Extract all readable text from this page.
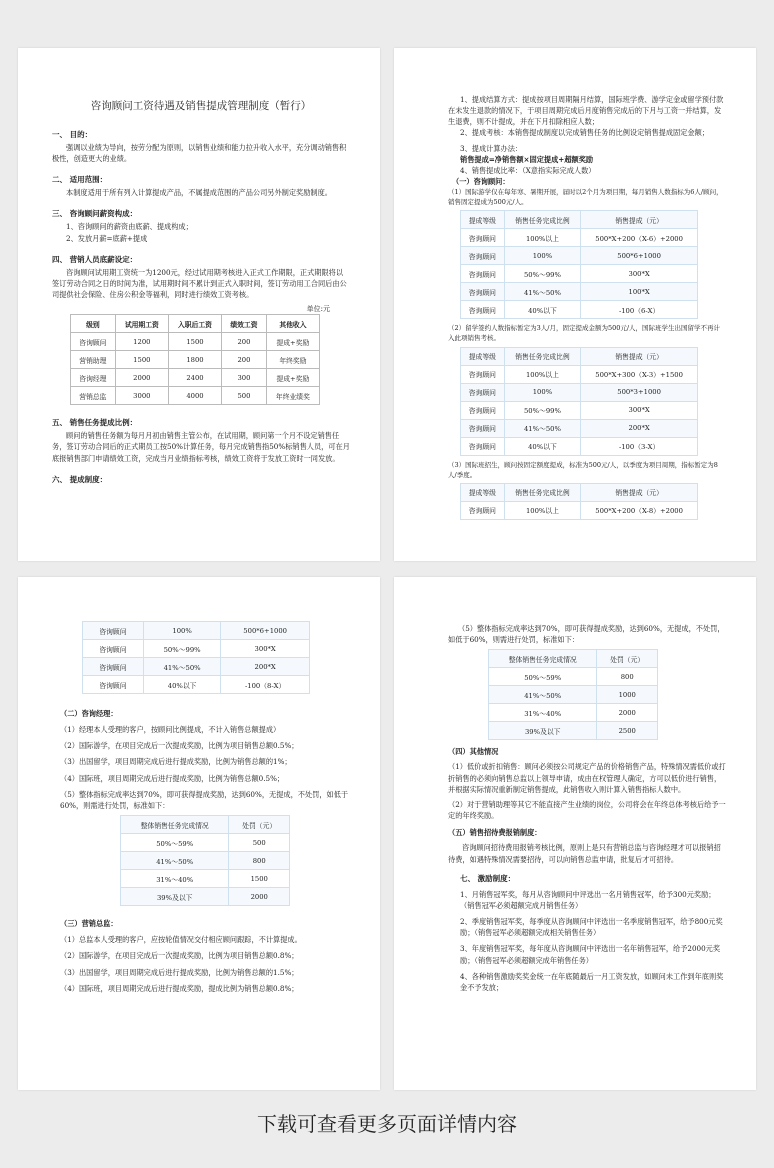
咨询顾问工资待遇及销售提成管理制度（暂行）

一、 目的：

强调以业绩为导向，按劳分配为原则，以销售业绩和能力拉升收入水平，充分调动销售积极性，创造更大的业绩。

二、 适用范围：

本制度适用于所有列入计算提成产品，不属提成范围的产品公司另外制定奖励制度。

三、 咨询顾问薪资构成：

1、咨询顾问的薪资由底薪、提成构成；

2、发放月薪=底薪+提成

四、 营销人员底薪设定：

咨询顾问试用期工资统一为1200元，经过试用期考核进入正式工作期限，正式期限将以签订劳动合同之日的时间为准，试用期时间不累计到正式入职时间，签订劳动用工合同后由公司提供社会保险、住房公积金等福利，同时进行绩效工资考核。

单位:元

级别	试用期工资	入职后工资	绩效工资	其他收入
咨询顾问	1200	1500	200	提成+奖励
营销助理	1500	1800	200	年终奖励
咨询经理	2000	2400	300	提成+奖励
营销总监	3000	4000	500	年终业绩奖

五、 销售任务提成比例：

顾问的销售任务额为每月月初由销售主管公布，在试用期，顾问第一个月不设定销售任务，签订劳动合同后的正式期员工按50%计算任务，每月完成销售指50%标销售人员，可在月底报销售部门申请绩效工资，完成当月业绩指标考核，绩效工资将于发放工资时一同发放。

六、 提成制度：

1、提成结算方式：提成按项目周期隔月结算，国际班学费、游学定金或留学预付款在未发生退款的情况下，于项目周期完成后月度销售完成后的下月与工资一并结算，发生退费，则不计提成，并在下月扣除相应人数；

2、提成考核：本销售提成制度以完成销售任务的比例设定销售提成固定金额；

3、提成计算办法：

销售提成=净销售额×固定提成+超额奖励

4、销售提成比率：（X意指实际完成人数）

（一）咨询顾问：

（1）国际游学仅在每年寒、暑期开展，届时以2个月为项目期，每月销售人数指标为6人/顾问，销售固定提成为500元/人。

提成等级	销售任务完成比例	销售提成（元）
咨询顾问	100%以上	500*X+200（X-6）+2000
咨询顾问	100%	500*6+1000
咨询顾问	50%～99%	300*X
咨询顾问	41%～50%	100*X
咨询顾问	40%以下	-100（6-X）

（2）留学签约人数指标暂定为3人/月，固定提成金额为500元/人，国际班学生出国留学不再计入此项销售考核。

提成等级	销售任务完成比例	销售提成（元）
咨询顾问	100%以上	500*X+300（X-3）+1500
咨询顾问	100%	500*3+1000
咨询顾问	50%～99%	300*X
咨询顾问	41%～50%	200*X
咨询顾问	40%以下	-100（3-X）

（3）国际班招生，顾问按固定额度提成，标准为500元/人，以季度为项目周期，指标暂定为8人/季度。

提成等级	销售任务完成比例	销售提成（元）
咨询顾问	100%以上	500*X+200（X-8）+2000
咨询顾问	100%	500*6+1000
咨询顾问	50%～99%	300*X
咨询顾问	41%～50%	200*X
咨询顾问	40%以下	-100（8-X）

（二）咨询经理：

（1）经理本人受理的客户，按顾问比例提成，不计入销售总额提成）

（2）国际游学，在项目完成后一次提成奖励，比例为项目销售总额0.5%；

（3）出国留学，项目周期完成后进行提成奖励，比例为销售总额的1%；

（4）国际班，项目周期完成后进行提成奖励，比例为销售总额0.5%；

（5）整体指标完成率达到70%，即可获得提成奖励，达到60%，无提成，不处罚，如低于60%，则需进行处罚，标准如下：

整体销售任务完成情况	处罚（元）
50%～59%	500
41%～50%	800
31%～40%	1500
39%及以下	2000

（三）营销总监：

（1）总监本人受理的客户，应按轮值情况交付相应顾问跟踪，不计算提成。

（2）国际游学，在项目完成后一次提成奖励，比例为项目销售总额0.8%；

（3）出国留学，项目周期完成后进行提成奖励，比例为销售总额的1.5%；

（4）国际班，项目周期完成后进行提成奖励，提成比例为销售总额0.8%；

（5）整体指标完成率达到70%，即可获得提成奖励，达到60%，无提成，不处罚，如低于60%，则需进行处罚，标准如下：

整体销售任务完成情况	处罚（元）
50%～59%	800
41%～50%	1000
31%～40%	2000
39%及以下	2500

（四）其他情况

（1）低价或折扣销售：顾问必须按公司规定产品的价格销售产品，特殊情况需低价或打折销售的必须向销售总监以上领导申请，成由在权管理人确定，方可以低价进行销售，并根据实际情况重新制定销售提成，此销售收入则计算入销售指标人数中。

（2）对于营销助理等其它不能直接产生业绩的岗位，公司将会在年终总体考核后给予一定的年终奖励。

（五）销售招待费报销制度：

咨询顾问招待费用报销考核比例，原则上是只有营销总监与咨询经理才可以报销招待费，如遇特殊情况需要招待，可以向销售总监申请，批复后才可招待。

七、 激励制度：

1、月销售冠军奖，每月从咨询顾问中评选出一名月销售冠军，给予300元奖励；（销售冠军必须超额完成月销售任务）

2、季度销售冠军奖，每季度从咨询顾问中评选出一名季度销售冠军，给予800元奖励；（销售冠军必须超额完成相关销售任务）

3、年度销售冠军奖，每年度从咨询顾问中评选出一名年销售冠军，给予2000元奖励；（销售冠军必须超额完成年销售任务）

4、各种销售激励奖奖金统一在年底随最后一月工资发放，如顾问未工作到年底则奖金不予发放；

下载可查看更多页面详情内容
